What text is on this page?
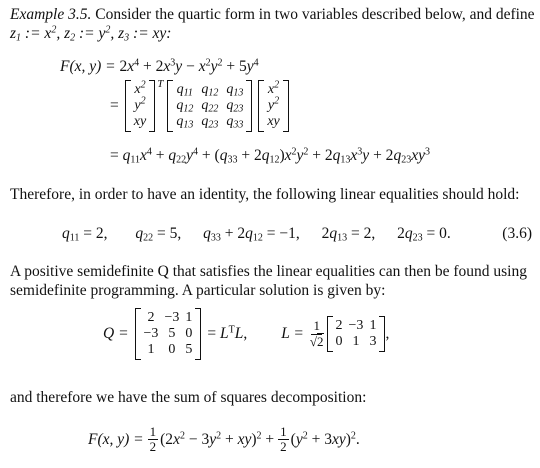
Example 3.5. Consider the quartic form in two variables described below, and define
$z_1$ := $x^2$, $z_2$ := $y^2$, $z_3$ := xy:
F(x, $y) = 2x^4 + 2x^3y - x^2y^2 + 5y^4$
=
$x^2$
$y^2$
xy
T $q_{11}$ $q_{12}$ $q_{13}$
$q_{12}$ $q_{22}$ $q_{23}$
$q_{13}$ $q_{23}$ $q_{33}$
$x^2$
$y^2$
xy
= $q_{11}x^4 + q_{22}y^4 + (q_{33} + 2q_{12})x^2y^2 + 2q_{13}x^3y + 2q_{23}xy^3$
Therefore, in order to have an identity, the following linear equalities should hold:
$q_{11} = 2$, $q_{22} = 5$, $q_{33} + 2q_{12} = -1$, $2q_{13} = 2$, $2q_{23} = 0$.	(3.6)
A positive semidefinite Q that satisfies the linear equalities can then be found using
semidefinite programming. A particular solution is given by:
Q =
2 −3 1
−3 5 0
1 0 5
= $L^TL$, $L = \frac{1}{√2} 2 -3$ 1
0 1 3 ,
and therefore we have the sum of squares decomposition:
F(x, $y) = \frac{1}{2} (2x^2 - 3y^2 + xy)^2 + \frac{1}{2} (y^2 + 3xy)^2$.
